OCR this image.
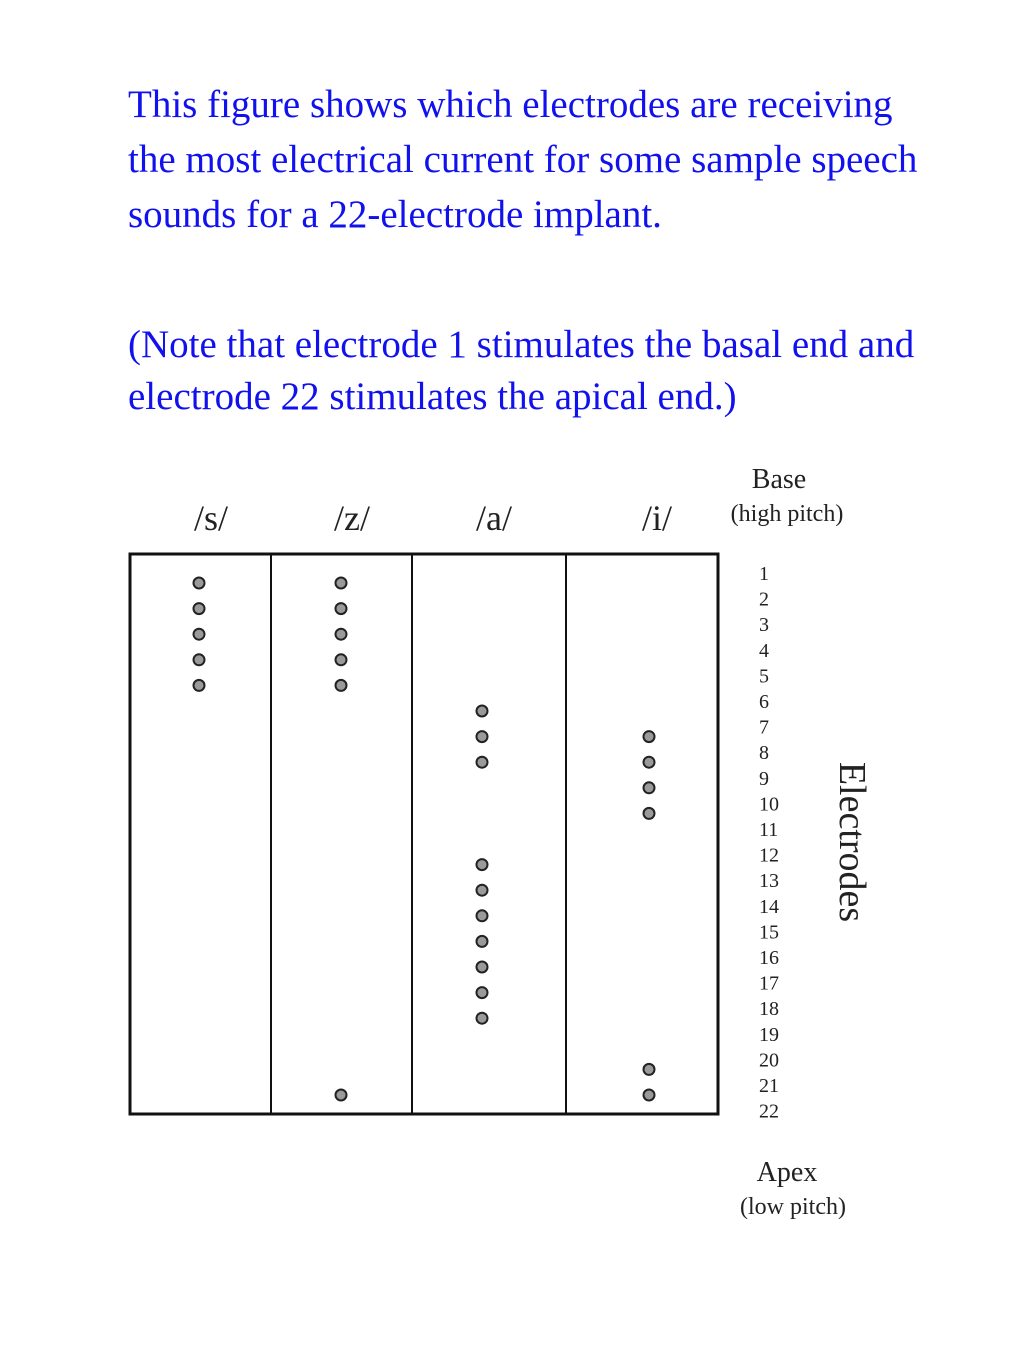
This figure shows which electrodes are receiving the most electrical current for some sample speech sounds for a 22-electrode implant.

(Note that electrode 1 stimulates the basal end and electrode 22 stimulates the apical end.)

/s/	/z/	/a/	/i/
Base
(high pitch)
1
2
3
4
5
6
7
8
9
10
11
12
13
14
15
16
17
18
19
20
21
22
Electrodes
Apex
(low pitch)
